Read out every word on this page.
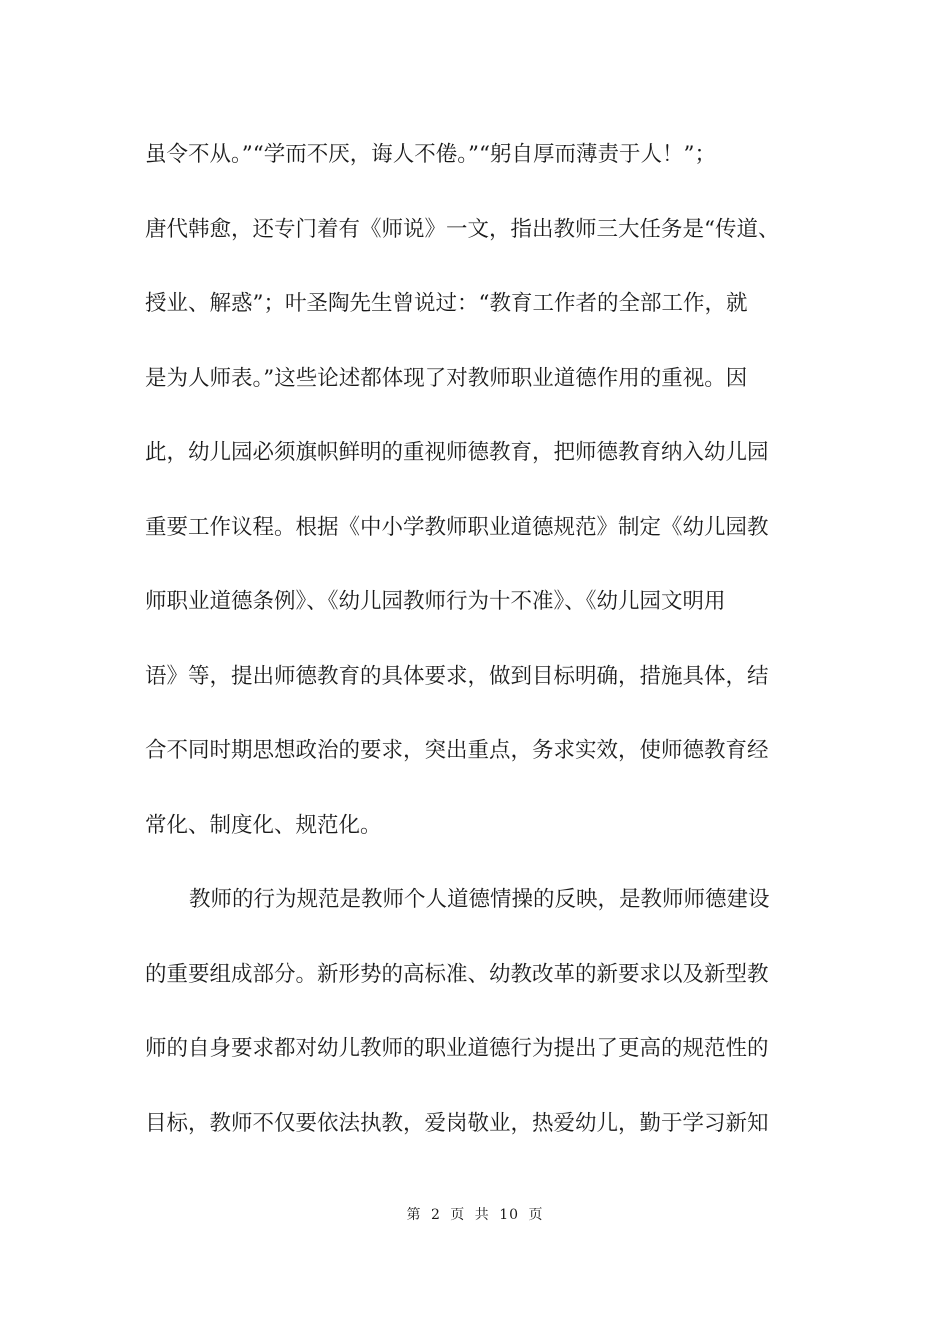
虽令不从。”“学而不厌，诲人不倦。”“躬自厚而薄责于人！”；
唐代韩愈，还专门着有《师说》一文，指出教师三大任务是“传道、
授业、解惑”；叶圣陶先生曾说过：“教育工作者的全部工作，就
是为人师表。”这些论述都体现了对教师职业道德作用的重视。因
此，幼儿园必须旗帜鲜明的重视师德教育，把师德教育纳入幼儿园
重要工作议程。根据《中小学教师职业道德规范》制定《幼儿园教
师职业道德条例》、《幼儿园教师行为十不准》、《幼儿园文明用
语》等，提出师德教育的具体要求，做到目标明确，措施具体，结
合不同时期思想政治的要求，突出重点，务求实效，使师德教育经
常化、制度化、规范化。
教师的行为规范是教师个人道德情操的反映，是教师师德建设
的重要组成部分。新形势的高标准、幼教改革的新要求以及新型教
师的自身要求都对幼儿教师的职业道德行为提出了更高的规范性的
目标，教师不仅要依法执教，爱岗敬业，热爱幼儿，勤于学习新知
第 2 页 共 10 页
